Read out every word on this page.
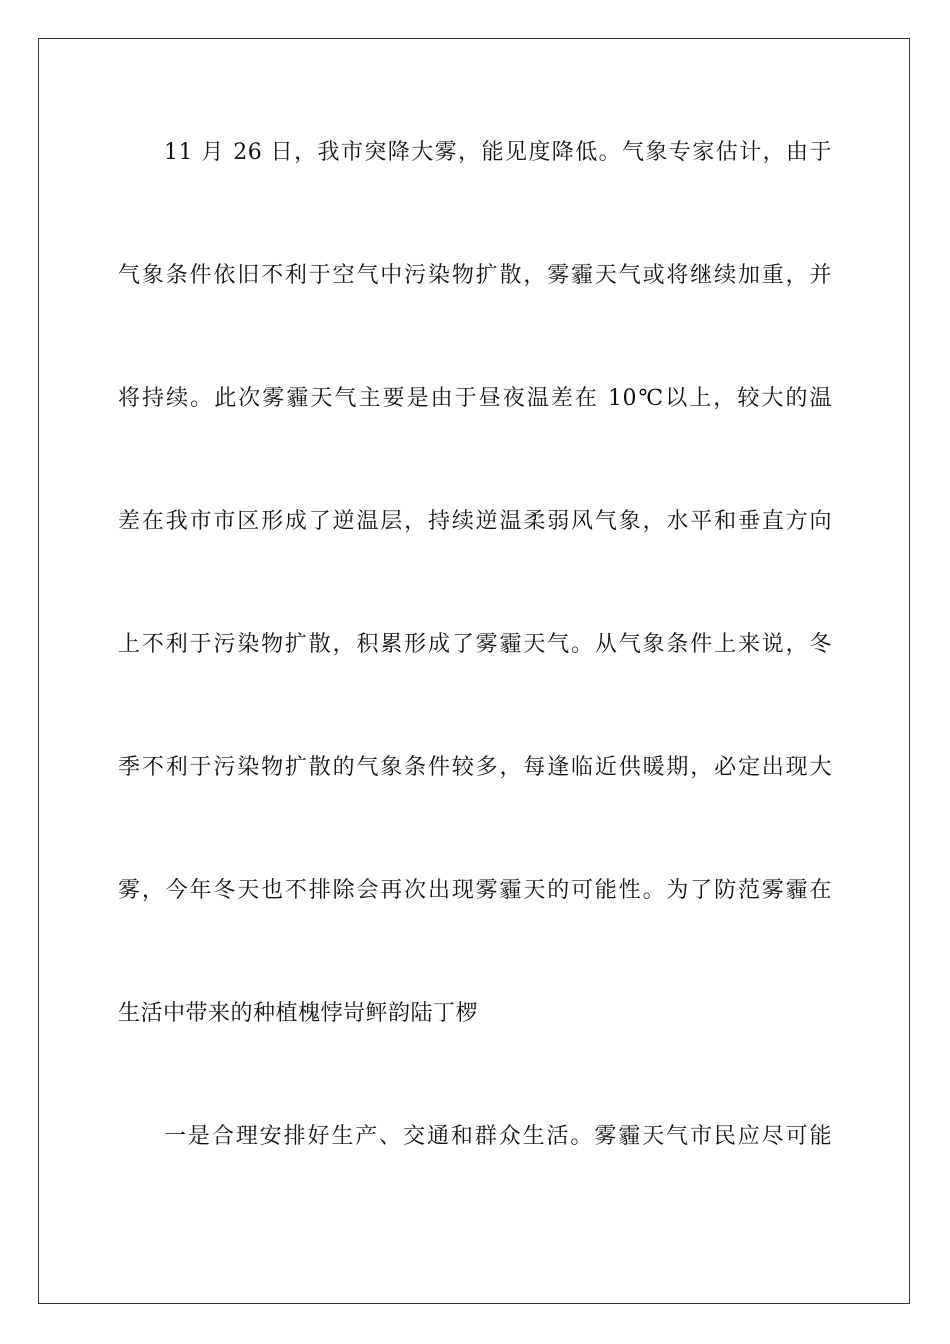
11 月 26 日，我市突降大雾，能见度降低。气象专家估计，由于
气象条件依旧不利于空气中污染物扩散，雾霾天气或将继续加重，并
将持续。此次雾霾天气主要是由于昼夜温差在 10℃以上，较大的温
差在我市市区形成了逆温层，持续逆温柔弱风气象，水平和垂直方向
上不利于污染物扩散，积累形成了雾霾天气。从气象条件上来说，冬
季不利于污染物扩散的气象条件较多，每逢临近供暖期，必定出现大
雾，今年冬天也不排除会再次出现雾霾天的可能性。为了防范雾霾在
生活中带来的种植槐悖岢鲆韵陆丁椤
一是合理安排好生产、交通和群众生活。雾霾天气市民应尽可能
